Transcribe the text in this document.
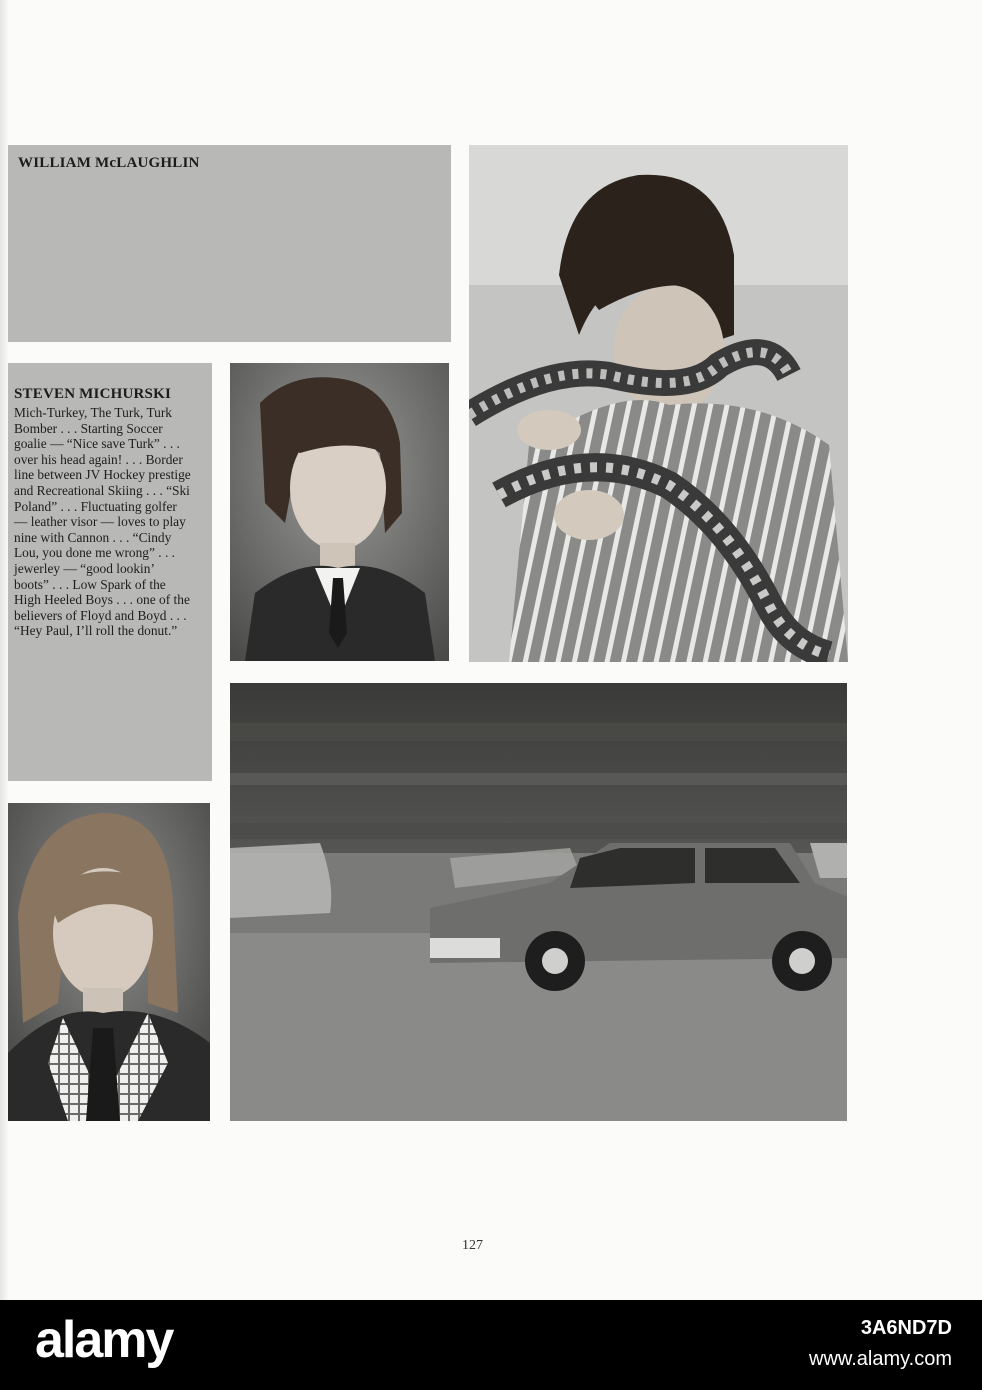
WILLIAM McLAUGHLIN
STEVEN MICHURSKI
Mich-Turkey, The Turk, Turk Bomber . . . Starting Soccer goalie — “Nice save Turk” . . . over his head again! . . . Border line between JV Hockey prestige and Recreational Skiing . . . “Ski Poland” . . . Fluctuating golfer — leather visor — loves to play nine with Cannon . . . “Cindy Lou, you done me wrong” . . . jewerley — “good lookin’ boots” . . . Low Spark of the High Heeled Boys . . . one of the believers of Floyd and Boyd . . . “Hey Paul, I’ll roll the donut.”
127
alamy	3A6ND7D
www.alamy.com
